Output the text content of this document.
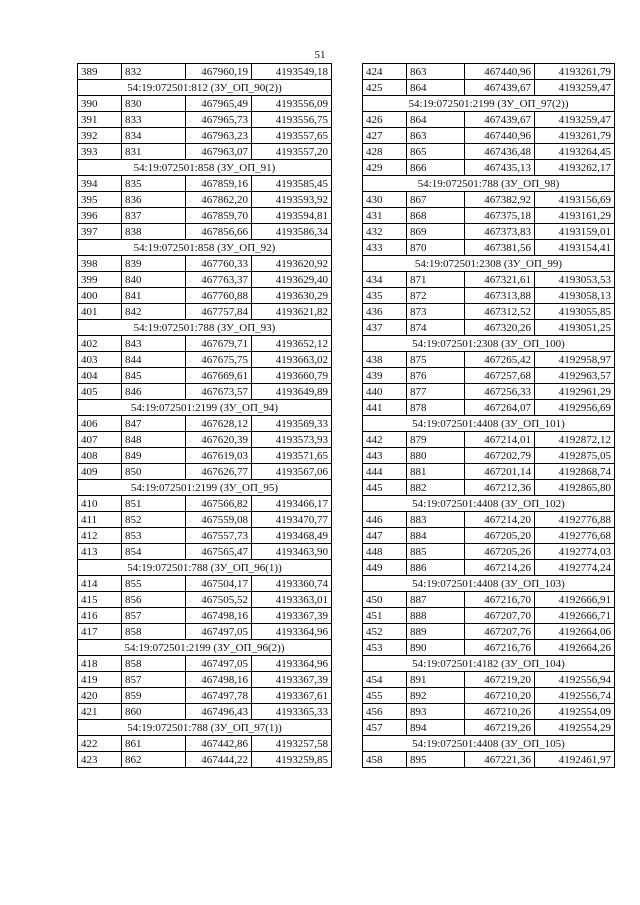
51
389	832	467960,19	4193549,18
54:19:072501:812 (ЗУ_ОП_90(2))			
390	830	467965,49	4193556,09
391	833	467965,73	4193556,75
392	834	467963,23	4193557,65
393	831	467963,07	4193557,20
54:19:072501:858 (ЗУ_ОП_91)			
394	835	467859,16	4193585,45
395	836	467862,20	4193593,92
396	837	467859,70	4193594,81
397	838	467856,66	4193586,34
54:19:072501:858 (ЗУ_ОП_92)			
398	839	467760,33	4193620,92
399	840	467763,37	4193629,40
400	841	467760,88	4193630,29
401	842	467757,84	4193621,82
54:19:072501:788 (ЗУ_ОП_93)			
402	843	467679,71	4193652,12
403	844	467675,75	4193663,02
404	845	467669,61	4193660,79
405	846	467673,57	4193649,89
54:19:072501:2199 (ЗУ_ОП_94)			
406	847	467628,12	4193569,33
407	848	467620,39	4193573,93
408	849	467619,03	4193571,65
409	850	467626,77	4193567,06
54:19:072501:2199 (ЗУ_ОП_95)			
410	851	467566,82	4193466,17
411	852	467559,08	4193470,77
412	853	467557,73	4193468,49
413	854	467565,47	4193463,90
54:19:072501:788 (ЗУ_ОП_96(1))			
414	855	467504,17	4193360,74
415	856	467505,52	4193363,01
416	857	467498,16	4193367,39
417	858	467497,05	4193364,96
54:19:072501:2199 (ЗУ_ОП_96(2))			
418	858	467497,05	4193364,96
419	857	467498,16	4193367,39
420	859	467497,78	4193367,61
421	860	467496,43	4193365,33
54:19:072501:788 (ЗУ_ОП_97(1))			
422	861	467442,86	4193257,58
423	862	467444,22	4193259,85
424	863	467440,96	4193261,79
425	864	467439,67	4193259,47
54:19:072501:2199 (ЗУ_ОП_97(2))			
426	864	467439,67	4193259,47
427	863	467440,96	4193261,79
428	865	467436,48	4193264,45
429	866	467435,13	4193262,17
54:19:072501:788 (ЗУ_ОП_98)			
430	867	467382,92	4193156,69
431	868	467375,18	4193161,29
432	869	467373,83	4193159,01
433	870	467381,56	4193154,41
54:19:072501:2308 (ЗУ_ОП_99)			
434	871	467321,61	4193053,53
435	872	467313,88	4193058,13
436	873	467312,52	4193055,85
437	874	467320,26	4193051,25
54:19:072501:2308 (ЗУ_ОП_100)			
438	875	467265,42	4192958,97
439	876	467257,68	4192963,57
440	877	467256,33	4192961,29
441	878	467264,07	4192956,69
54:19:072501:4408 (ЗУ_ОП_101)			
442	879	467214,01	4192872,12
443	880	467202,79	4192875,05
444	881	467201,14	4192868,74
445	882	467212,36	4192865,80
54:19:072501:4408 (ЗУ_ОП_102)			
446	883	467214,20	4192776,88
447	884	467205,20	4192776,68
448	885	467205,26	4192774,03
449	886	467214,26	4192774,24
54:19:072501:4408 (ЗУ_ОП_103)			
450	887	467216,70	4192666,91
451	888	467207,70	4192666,71
452	889	467207,76	4192664,06
453	890	467216,76	4192664,26
54:19:072501:4182 (ЗУ_ОП_104)			
454	891	467219,20	4192556,94
455	892	467210,20	4192556,74
456	893	467210,26	4192554,09
457	894	467219,26	4192554,29
54:19:072501:4408 (ЗУ_ОП_105)			
458	895	467221,36	4192461,97
